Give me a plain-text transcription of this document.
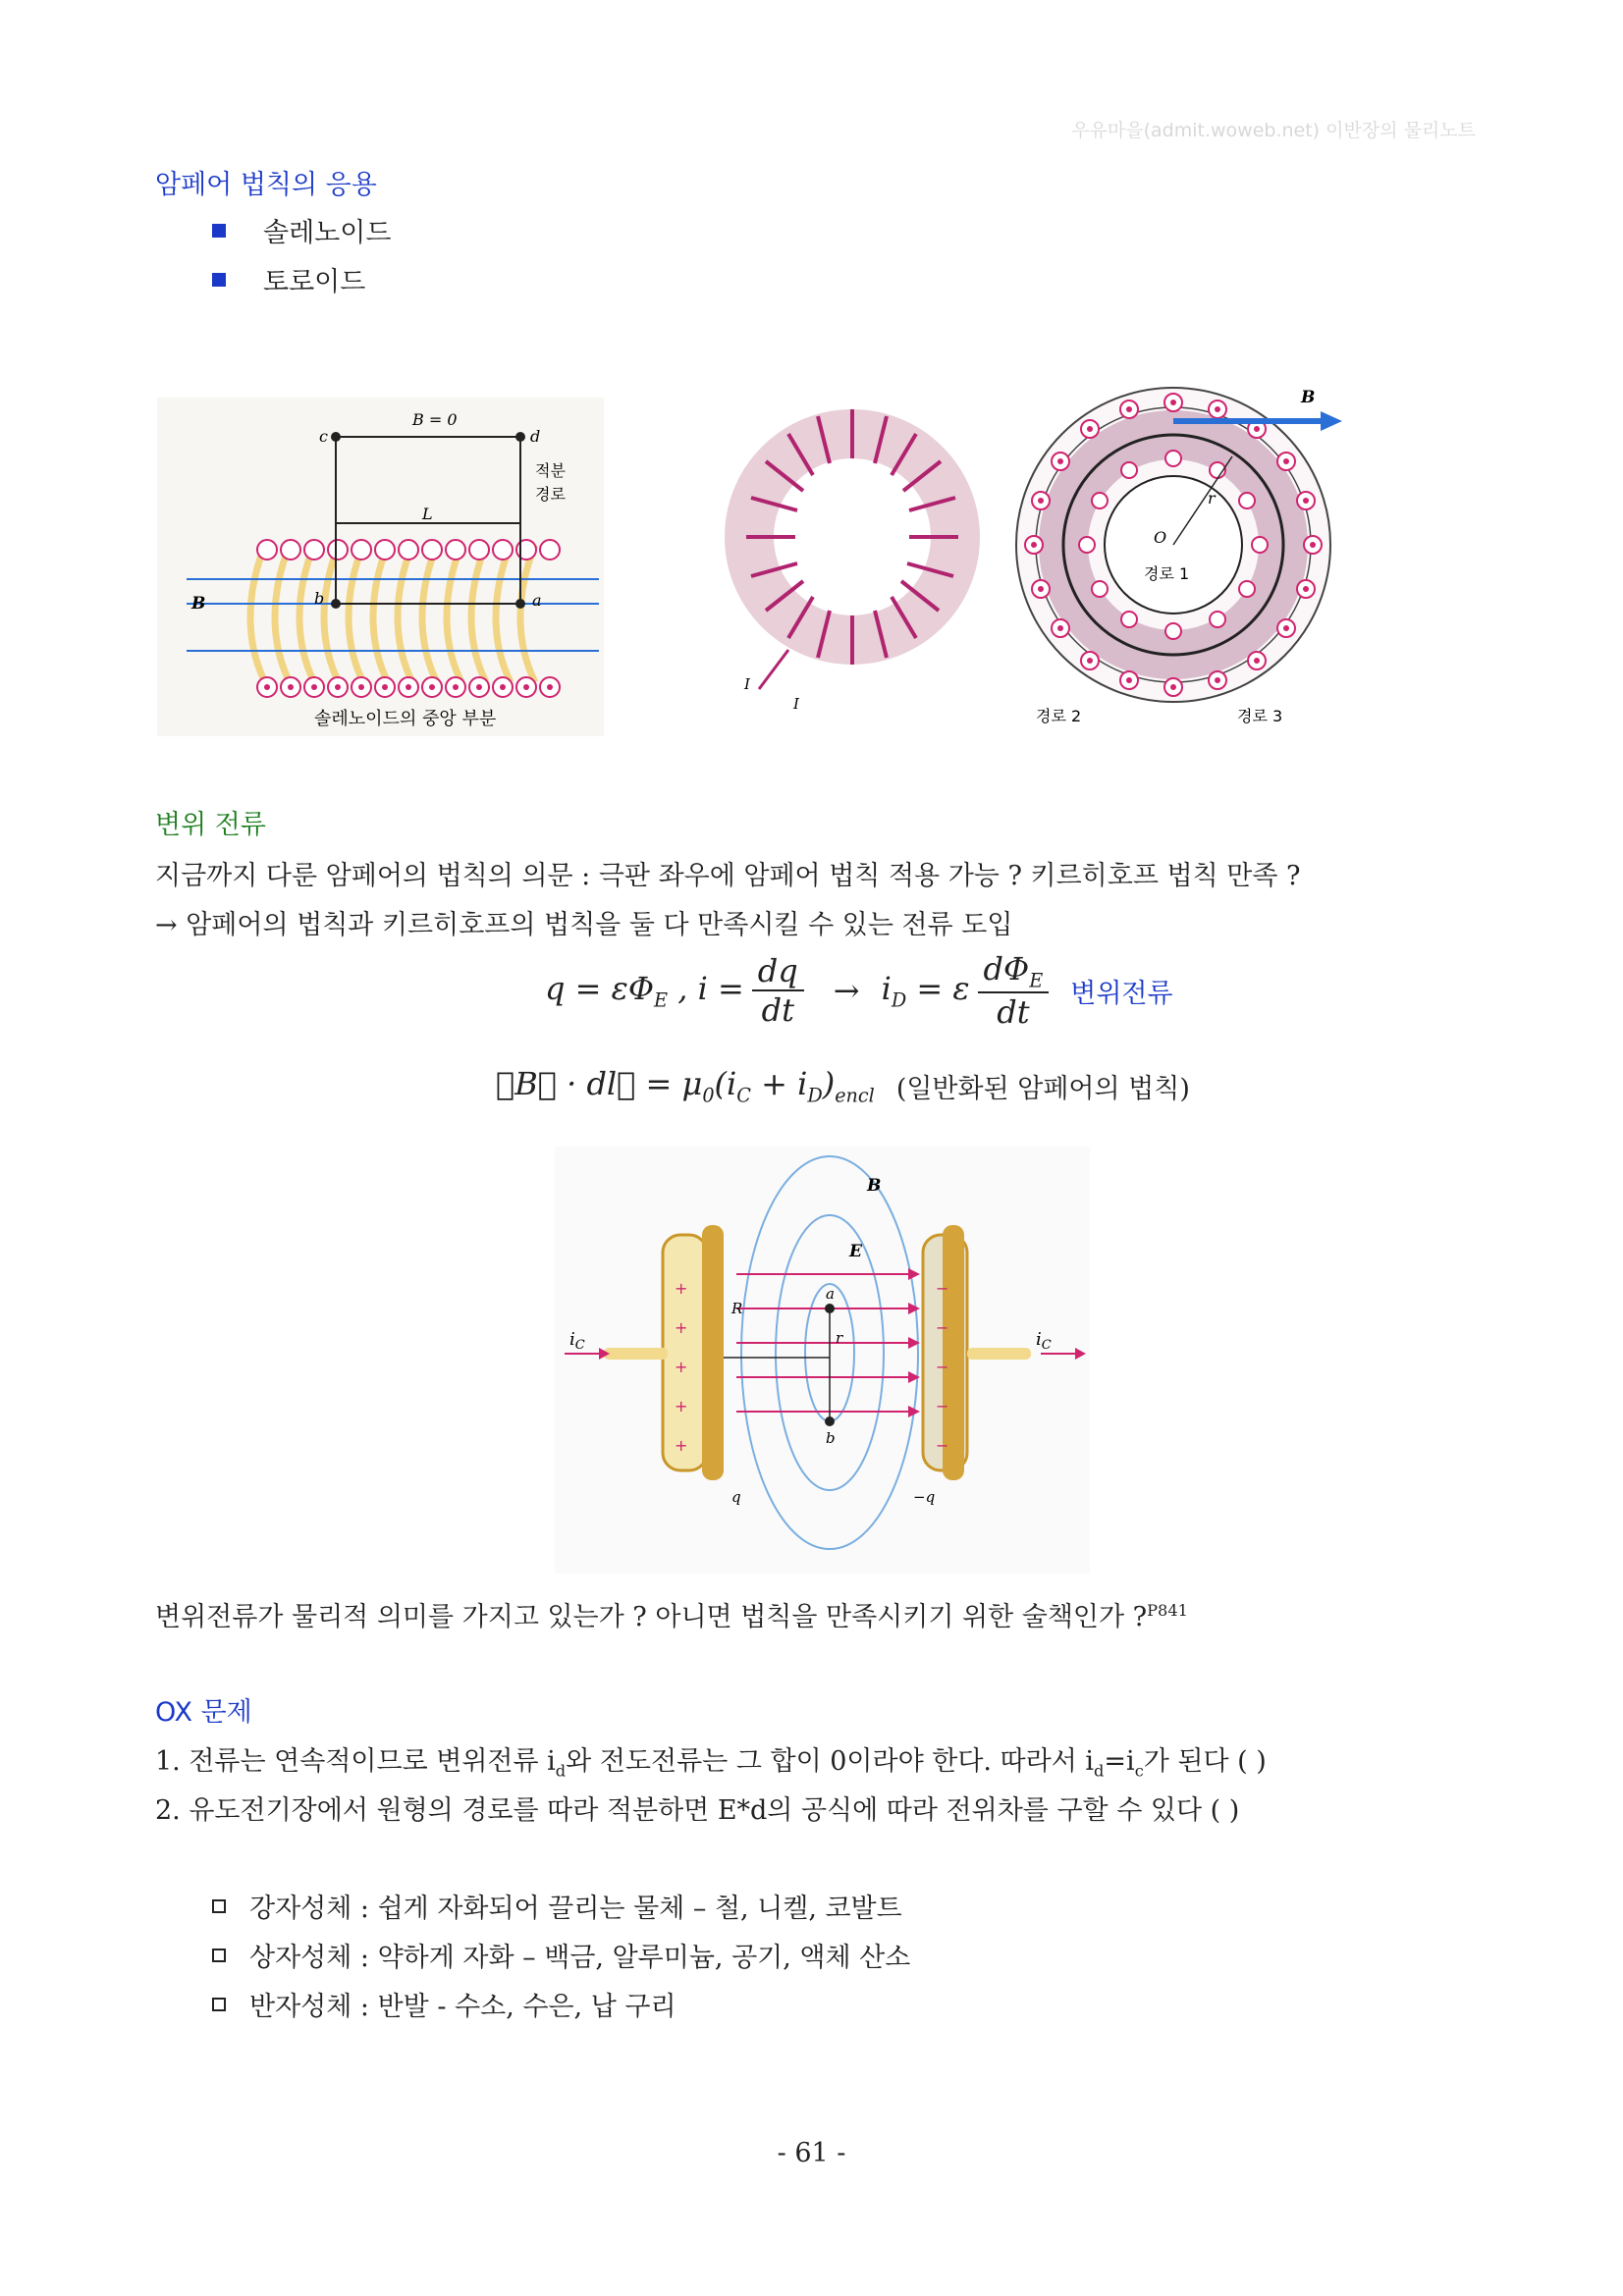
우유마을(admit.woweb.net) 이반장의 물리노트
암페어 법칙의 응용
솔레노이드
토로이드
B = 0
c	d
b	a
L
적분
경로
B
솔레노이드의 중앙 부분
I
I
B
O
r
경로 1
경로 2	경로 3
변위 전류
지금까지 다룬 암페어의 법칙의 의문 : 극판 좌우에 암페어 법칙 적용 가능 ? 키르히호프 법칙 만족 ?
→ 암페어의 법칙과 키르히호프의 법칙을 둘 다 만족시킬 수 있는 전류 도입
$q = \varepsilon\Phi_E$ , $i = \frac{dq}{dt} \to i_D = \varepsilon$
$d\Phi_E$
dt
변위전류
∮B⃗ · dl⃗ = $\mu_0(i_C + i_D)_{encl}$ (일반화된 암페어의 법칙)
B
E
$i_C$	$i_C$
R
a
b
r
q	−q
+
+
+
+
+
−
−
−
−
−
변위전류가 물리적 의미를 가지고 있는가 ? 아니면 법칙을 만족시키기 위한 술책인가 ?$^{P841}$
OX 문제
1. 전류는 연속적이므로 변위전류 $i_d$와 전도전류는 그 합이 0이라야 한다. 따라서 $i_d=i_c$가 된다 ( )
2. 유도전기장에서 원형의 경로를 따라 적분하면 E*d의 공식에 따라 전위차를 구할 수 있다 ( )
강자성체 : 쉽게 자화되어 끌리는 물체 – 철, 니켈, 코발트
상자성체 : 약하게 자화 – 백금, 알루미늄, 공기, 액체 산소
반자성체 : 반발 - 수소, 수은, 납 구리
- 61 -
